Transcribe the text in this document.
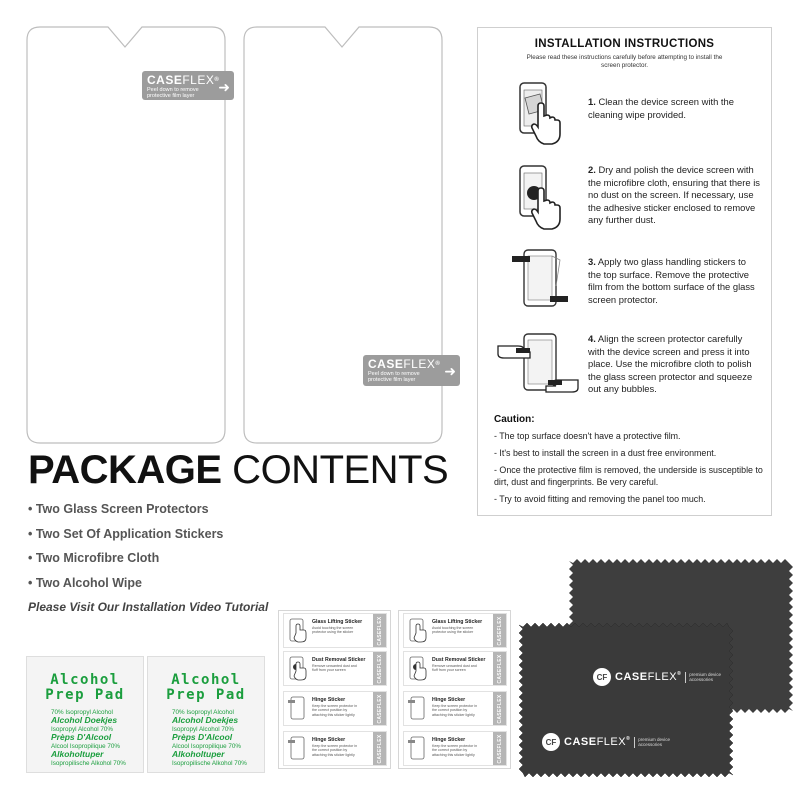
CASEFLEX®
Peel down to remove
protective film layer
➜
CASEFLEX®
Peel down to remove
protective film layer
➜
INSTALLATION INSTRUCTIONS
Please read these instructions carefully before attempting to install the screen protector.
1. Clean the device screen with the cleaning wipe provided.
2. Dry and polish the device screen with the microfibre cloth, ensuring that there is no dust on the screen. If necessary, use the adhesive sticker enclosed to remove any further dust.
3. Apply two glass handling stickers to the top surface. Remove the protective film from the bottom surface of the glass screen protector.
4. Align the screen protector carefully with the device screen and press it into place. Use the microfibre cloth to polish the glass screen protector and squeeze out any bubbles.
Caution:
- The top surface doesn't have a protective film.
- It's best to install the screen in a dust free environment.
- Once the protective film is removed, the underside is susceptible to dirt, dust and fingerprints. Be very careful.
- Try to avoid fitting and removing the panel too much.
PACKAGE CONTENTS
• Two Glass Screen Protectors
• Two Set Of Application Stickers
• Two Microfibre Cloth
• Two Alcohol Wipe
Please Visit Our Installation Video Tutorial
Alcohol
Prep Pad
70% Isopropyl Alcohol
Alcohol Doekjes
Isopropyl Alcohol 70%
Prèps D'Alcool
Alcool Isopropilique 70%
Alkoholtuper
Isopropilische Alkohol 70%
Alcohol
Prep Pad
70% Isopropyl Alcohol
Alcohol Doekjes
Isopropyl Alcohol 70%
Prèps D'Alcool
Alcool Isopropilique 70%
Alkoholtuper
Isopropilische Alkohol 70%
Glass Lifting Sticker
Avoid touching the screen protector using the sticker	CASEFLEX
Dust Removal Sticker
Remove unwanted dust and fluff from your screen	CASEFLEX
Hinge Sticker
Keep the screen protector in the correct position by attaching this sticker lightly	CASEFLEX
Hinge Sticker
Keep the screen protector in the correct position by attaching this sticker lightly	CASEFLEX
Glass Lifting Sticker
Avoid touching the screen protector using the sticker	CASEFLEX
Dust Removal Sticker
Remove unwanted dust and fluff from your screen	CASEFLEX
Hinge Sticker
Keep the screen protector in the correct position by attaching this sticker lightly	CASEFLEX
Hinge Sticker
Keep the screen protector in the correct position by attaching this sticker lightly	CASEFLEX
CF CASEFLEX®	premium device
accessories
CF CASEFLEX®	premium device
accessories
